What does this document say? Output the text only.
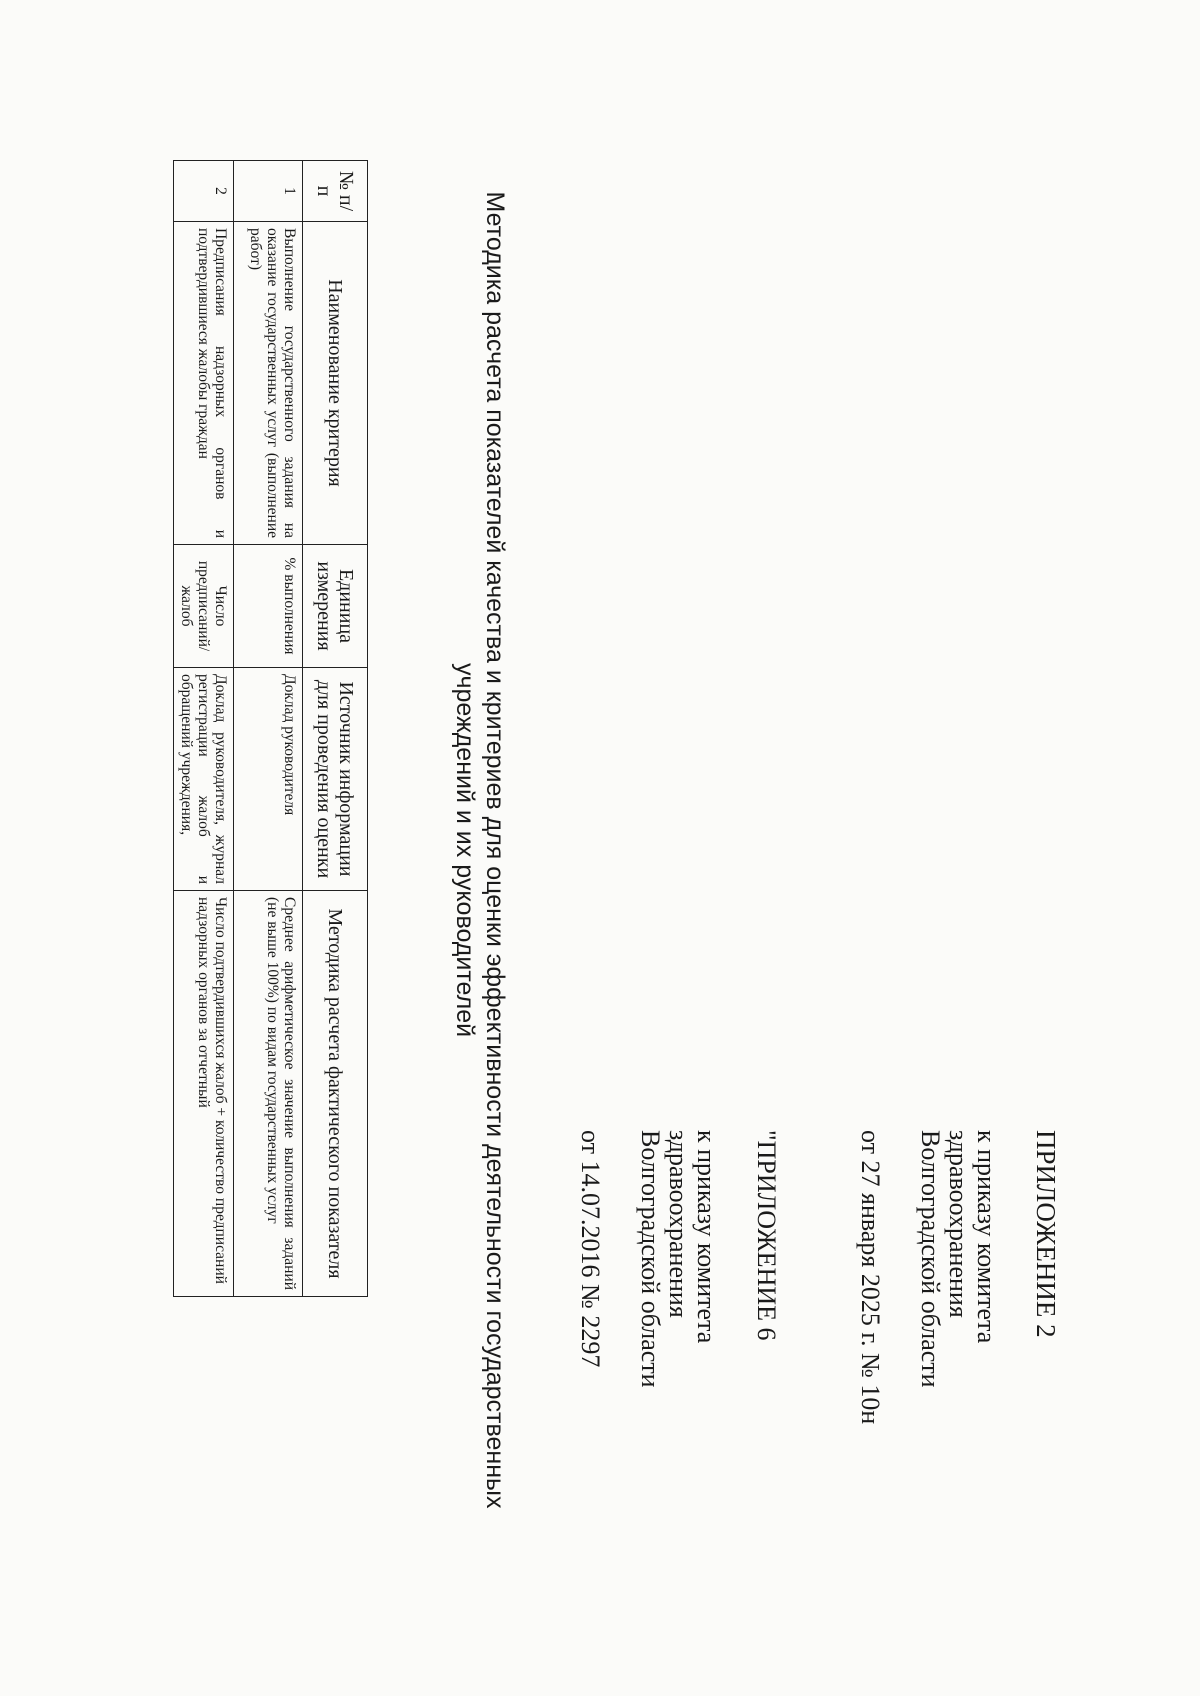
ПРИЛОЖЕНИЕ 2
к приказу комитета
здравоохранения
Волгоградской области
от 27 января 2025 г. № 10н
"ПРИЛОЖЕНИЕ 6
к приказу комитета
здравоохранения
Волгоградской области
от 14.07.2016 № 2297
Методика расчета показателей качества и критериев для оценки эффективности деятельности государственных
учреждений и их руководителей
№ п/п	Наименование критерия	Единица измерения	Источник информации для проведения оценки	Методика расчета фактического показателя
1	Выполнение государственного задания на оказание государственных услуг (выполнение работ)	% выполнения	Доклад руководителя	Среднее арифметическое значение выполнения заданий (не выше 100%) по видам государственных услуг
2	Предписания надзорных органов и подтвердившиеся жалобы граждан	Число предписаний/жалоб	Доклад руководителя, журнал регистрации жалоб и обращений учреждения,	Число подтвердившихся жалоб + количество предписаний надзорных органов за отчетный
